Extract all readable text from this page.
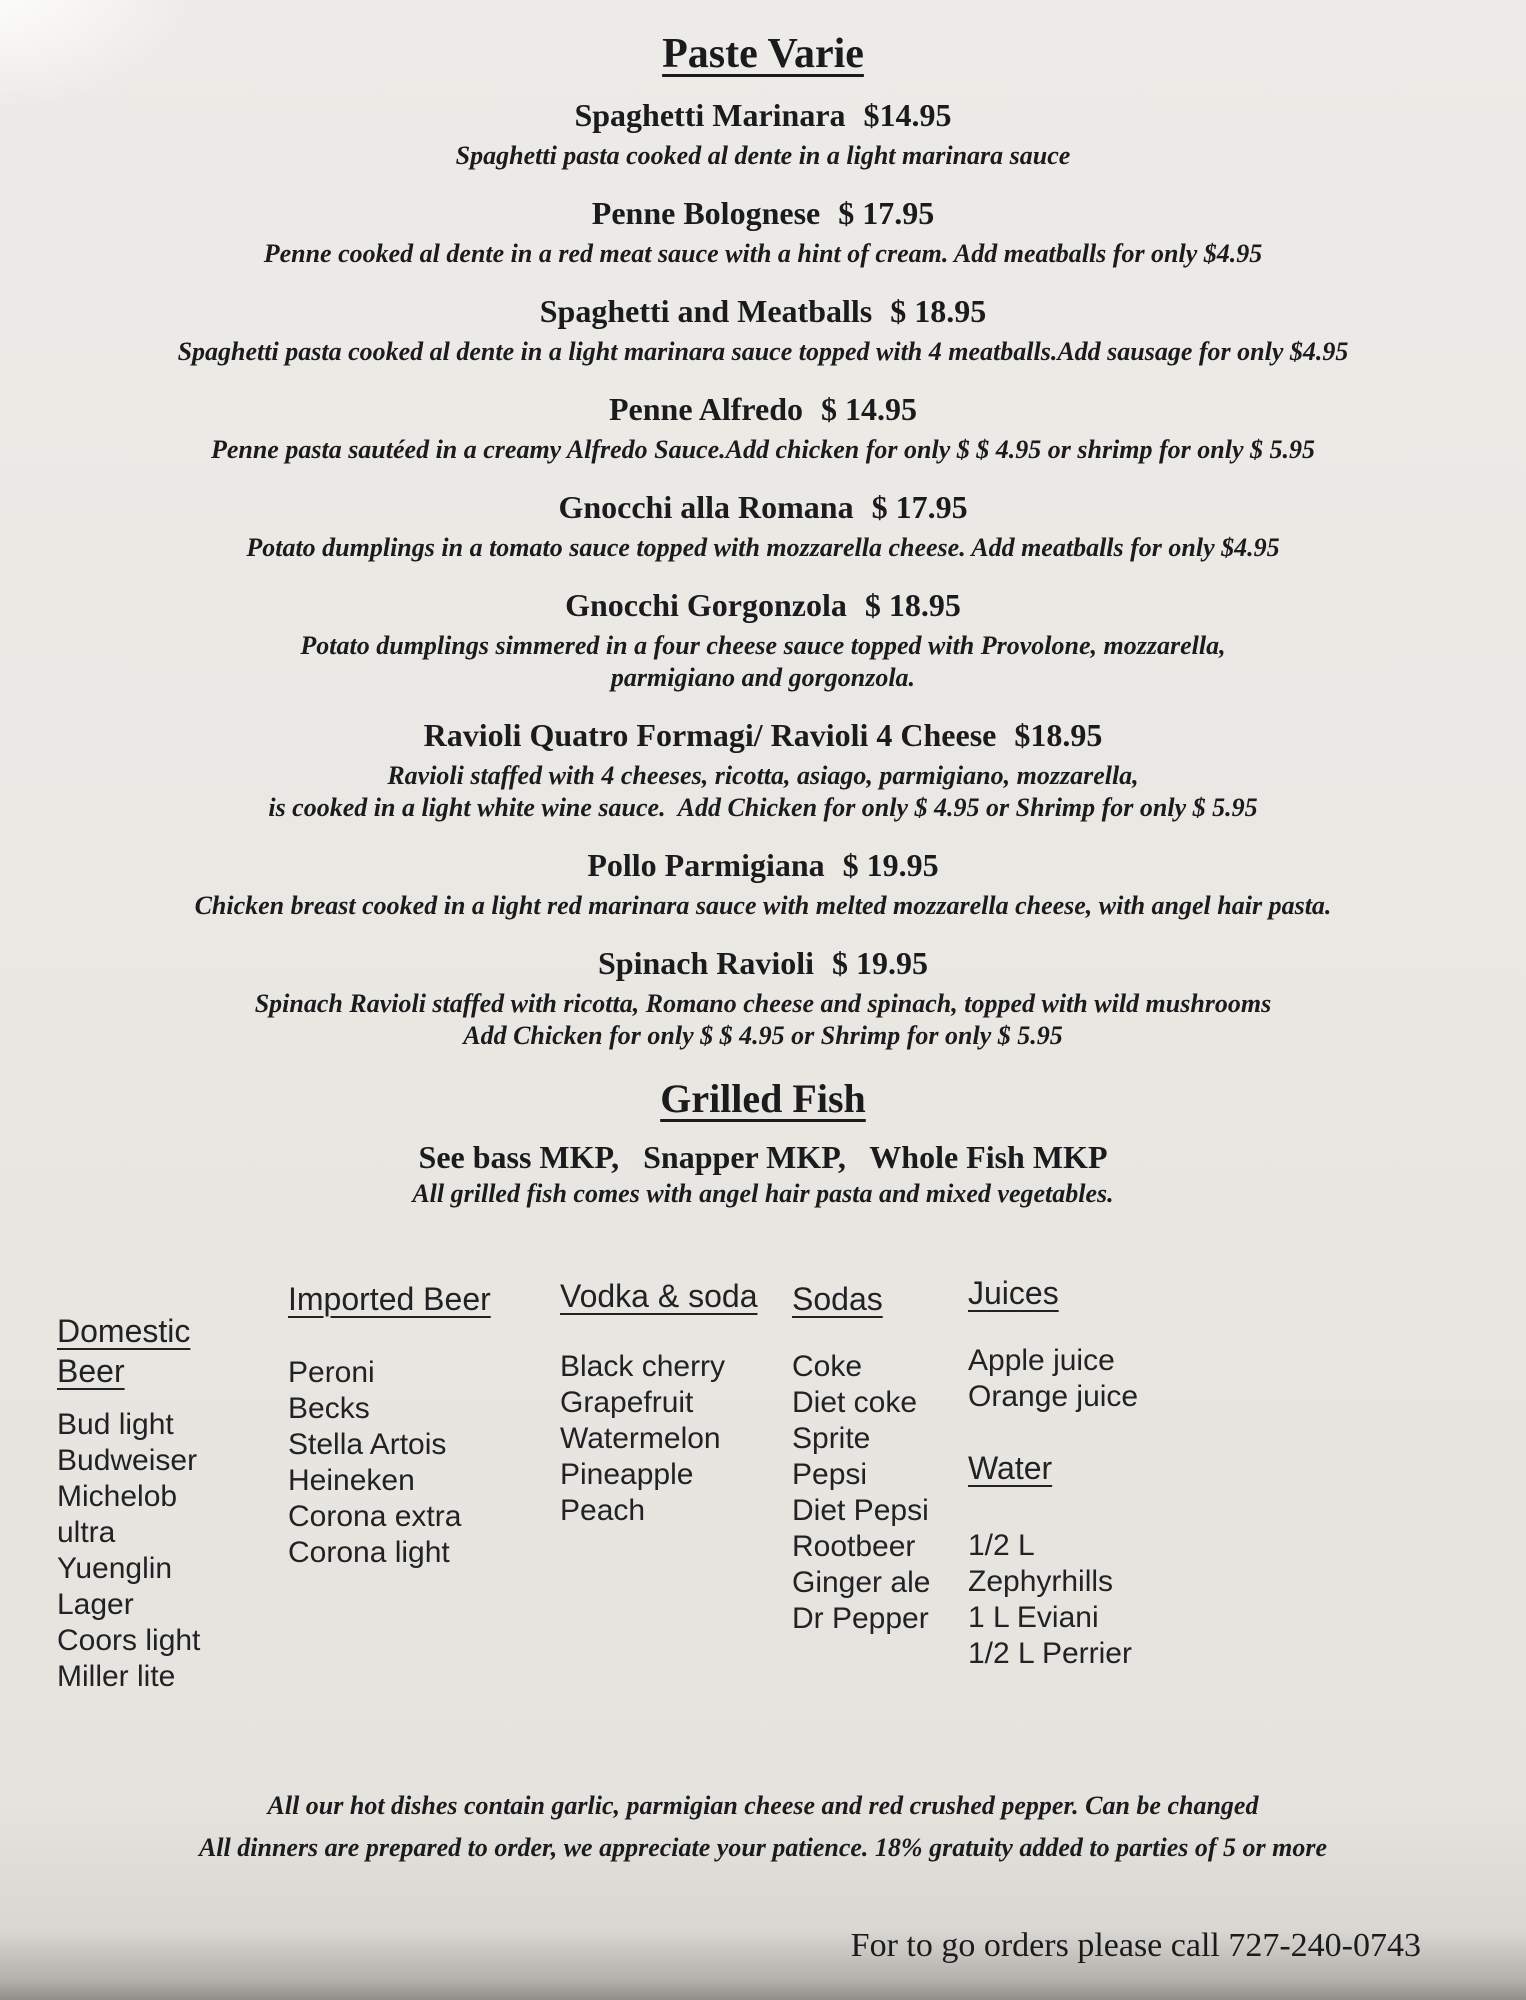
Paste Varie
Spaghetti Marinara $14.95
Spaghetti pasta cooked al dente in a light marinara sauce
Penne Bolognese $ 17.95
Penne cooked al dente in a red meat sauce with a hint of cream. Add meatballs for only $4.95
Spaghetti and Meatballs $ 18.95
Spaghetti pasta cooked al dente in a light marinara sauce topped with 4 meatballs.Add sausage for only $4.95
Penne Alfredo $ 14.95
Penne pasta sautéed in a creamy Alfredo Sauce.Add chicken for only $ $ 4.95 or shrimp for only $ 5.95
Gnocchi alla Romana $ 17.95
Potato dumplings in a tomato sauce topped with mozzarella cheese. Add meatballs for only $4.95
Gnocchi Gorgonzola $ 18.95
Potato dumplings simmered in a four cheese sauce topped with Provolone, mozzarella,
parmigiano and gorgonzola.
Ravioli Quatro Formagi/ Ravioli 4 Cheese $18.95
Ravioli staffed with 4 cheeses, ricotta, asiago, parmigiano, mozzarella,
is cooked in a light white wine sauce.  Add Chicken for only $ 4.95 or Shrimp for only $ 5.95
Pollo Parmigiana $ 19.95
Chicken breast cooked in a light red marinara sauce with melted mozzarella cheese, with angel hair pasta.
Spinach Ravioli $ 19.95
Spinach Ravioli staffed with ricotta, Romano cheese and spinach, topped with wild mushrooms
Add Chicken for only $ $ 4.95 or Shrimp for only $ 5.95
Grilled Fish
See bass MKP,   Snapper MKP,   Whole Fish MKP
All grilled fish comes with angel hair pasta and mixed vegetables.
Domestic Beer
Bud light
Budweiser
Michelob
ultra
Yuenglin
Lager
Coors light
Miller lite
Imported Beer
Peroni
Becks
Stella Artois
Heineken
Corona extra
Corona light
Vodka & soda
Black cherry
Grapefruit
Watermelon
Pineapple
Peach
Sodas
Coke
Diet coke
Sprite
Pepsi
Diet Pepsi
Rootbeer
Ginger ale
Dr Pepper
Juices
Apple juice
Orange juice
Water
1/2 L
Zephyrhills
1 L Eviani
1/2 L Perrier
All our hot dishes contain garlic, parmigian cheese and red crushed pepper. Can be changed
All dinners are prepared to order, we appreciate your patience. 18% gratuity added to parties of 5 or more
For to go orders please call 727-240-0743
